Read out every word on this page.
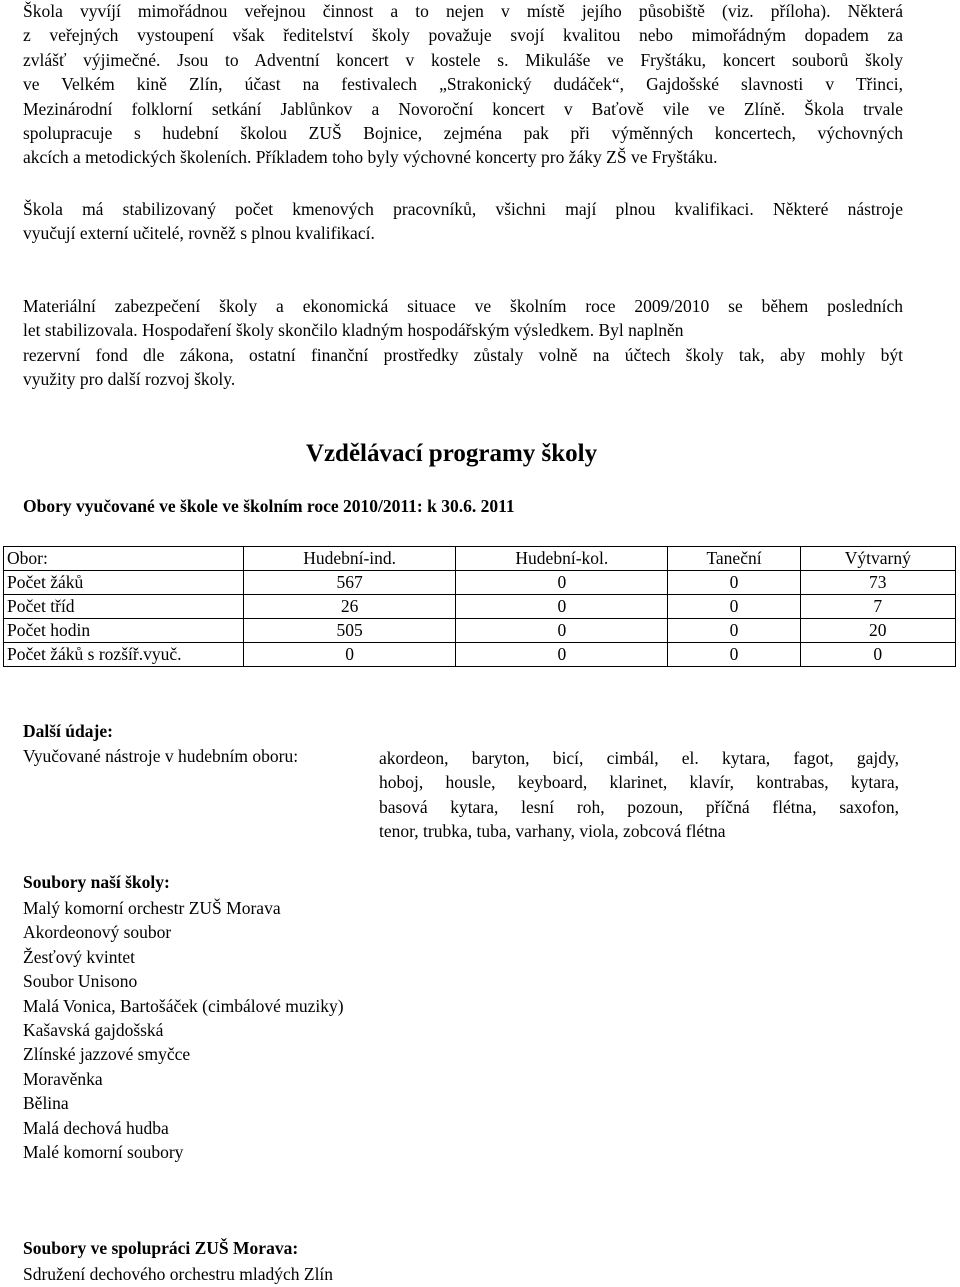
Škola vyvíjí mimořádnou veřejnou činnost a to nejen v místě jejího působiště (viz. příloha). Některá
z veřejných vystoupení však ředitelství školy považuje svojí kvalitou nebo mimořádným dopadem za
zvlášť výjimečné. Jsou to Adventní koncert v kostele s. Mikuláše ve Fryštáku, koncert souborů školy
ve Velkém kině Zlín, účast na festivalech „Strakonický dudáček“, Gajdošské slavnosti v Třinci,
Mezinárodní folklorní setkání Jablůnkov a Novoroční koncert v Baťově vile ve Zlíně. Škola trvale
spolupracuje s hudební školou ZUŠ Bojnice, zejména pak při výměnných koncertech, výchovných
akcích a metodických školeních. Příkladem toho byly výchovné koncerty pro žáky ZŠ ve Fryštáku.
Škola má stabilizovaný počet kmenových pracovníků, všichni mají plnou kvalifikaci. Některé nástroje
vyučují externí učitelé, rovněž s plnou kvalifikací.
Materiální zabezpečení školy a ekonomická situace ve školním roce 2009/2010 se během posledních
let stabilizovala. Hospodaření školy skončilo kladným hospodářským výsledkem. Byl naplněn
rezervní fond dle zákona, ostatní finanční prostředky zůstaly volně na účtech školy tak, aby mohly být
využity pro další rozvoj školy.
Vzdělávací programy školy

Obory vyučované ve škole ve školním roce 2010/2011: k 30.6. 2011

Obor:	Hudební-ind.	Hudební-kol.	Taneční	Výtvarný
Počet žáků	567	0	0	73
Počet tříd	26	0	0	7
Počet hodin	505	0	0	20
Počet žáků s rozšíř.vyuč.	0	0	0	0

Další údaje:

Vyučované nástroje v hudebním oboru:	akordeon, baryton, bicí, cimbál, el. kytara, fagot, gajdy,
hoboj, housle, keyboard, klarinet, klavír, kontrabas, kytara,
basová kytara, lesní roh, pozoun, příčná flétna, saxofon,
tenor, trubka, tuba, varhany, viola, zobcová flétna

Soubory naší školy:

Malý komorní orchestr ZUŠ Morava
Akordeonový soubor
Žesťový kvintet
Soubor Unisono
Malá Vonica, Bartošáček (cimbálové muziky)
Kašavská gajdošská
Zlínské jazzové smyčce
Moravěnka
Bělina
Malá dechová hudba
Malé komorní soubory

Soubory ve spolupráci ZUŠ Morava:

Sdružení dechového orchestru mladých Zlín
